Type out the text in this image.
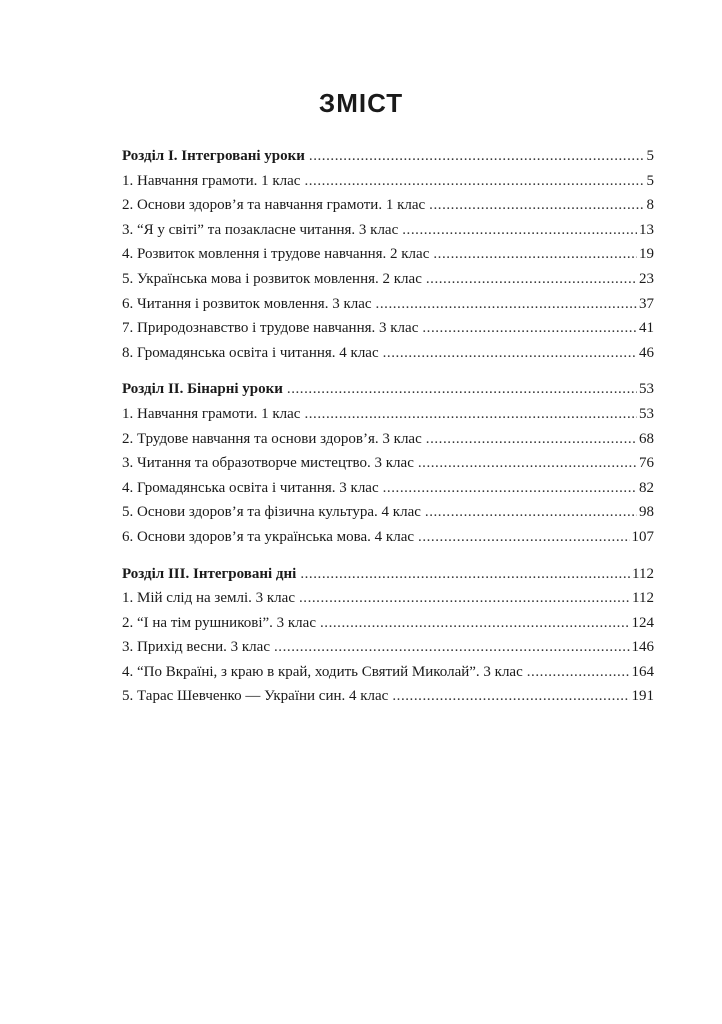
ЗМІСТ
Розділ I. Інтегровані уроки . . .	5
1. Навчання грамоти. 1 клас . . .	5
2. Основи здоров’я та навчання грамоти. 1 клас . . .	8
3. “Я у світі” та позакласне читання. 3 клас . . .	13
4. Розвиток мовлення і трудове навчання. 2 клас . . .	19
5. Українська мова і розвиток мовлення. 2 клас . . .	23
6. Читання і розвиток мовлення. 3 клас . . .	37
7. Природознавство і трудове навчання. 3 клас . . .	41
8. Громадянська освіта і читання. 4 клас . . .	46
Розділ II. Бінарні уроки . . .	53
1. Навчання грамоти. 1 клас . . .	53
2. Трудове навчання та основи здоров’я. 3 клас . . .	68
3. Читання та образотворче мистецтво. 3 клас . . .	76
4. Громадянська освіта і читання. 3 клас . . .	82
5. Основи здоров’я та фізична культура. 4 клас . . .	98
6. Основи здоров’я та українська мова. 4 клас . . .	107
Розділ III. Інтегровані дні . . .	112
1. Мій слід на землі. 3 клас . . .	112
2. “І на тім рушникові”. 3 клас . . .	124
3. Прихід весни. 3 клас . . .	146
4. “По Вкраїні, з краю в край, ходить Святий Миколай”. 3 клас . . .	164
5. Тарас Шевченко — України син. 4 клас . . .	191
